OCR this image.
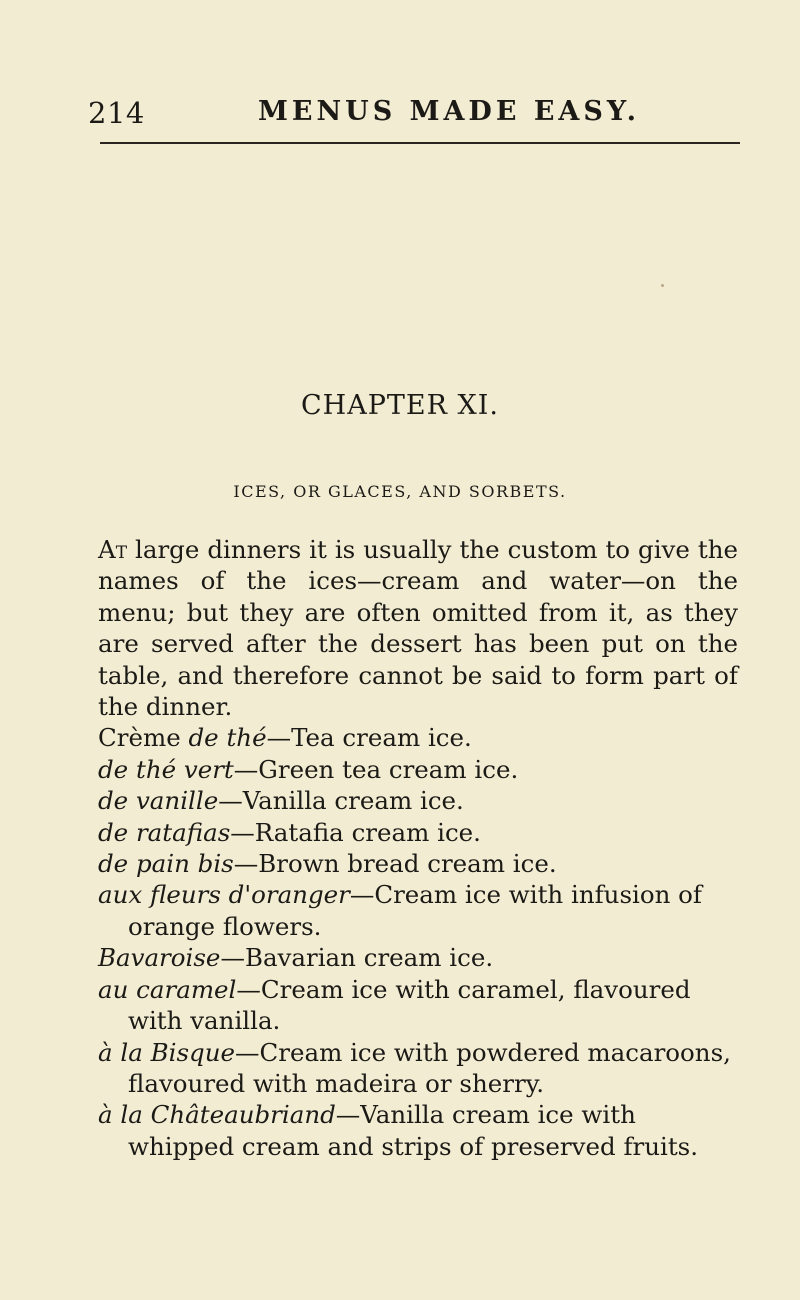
214	MENUS MADE EASY.
CHAPTER XI.
ICES, OR GLACES, AND SORBETS.

At large dinners it is usually the custom to give the names of the ices—cream and water—on the menu; but they are often omitted from it, as they are served after the dessert has been put on the table, and therefore cannot be said to form part of the dinner.

Crème de thé—Tea cream ice.
de thé vert—Green tea cream ice.
de vanille—Vanilla cream ice.
de ratafias—Ratafia cream ice.
de pain bis—Brown bread cream ice.
aux fleurs d'oranger—Cream ice with infusion of orange flowers.
Bavaroise—Bavarian cream ice.
au caramel—Cream ice with caramel, flavoured with vanilla.
à la Bisque—Cream ice with powdered macaroons, flavoured with madeira or sherry.
à la Châteaubriand—Vanilla cream ice with whipped cream and strips of preserved fruits.
